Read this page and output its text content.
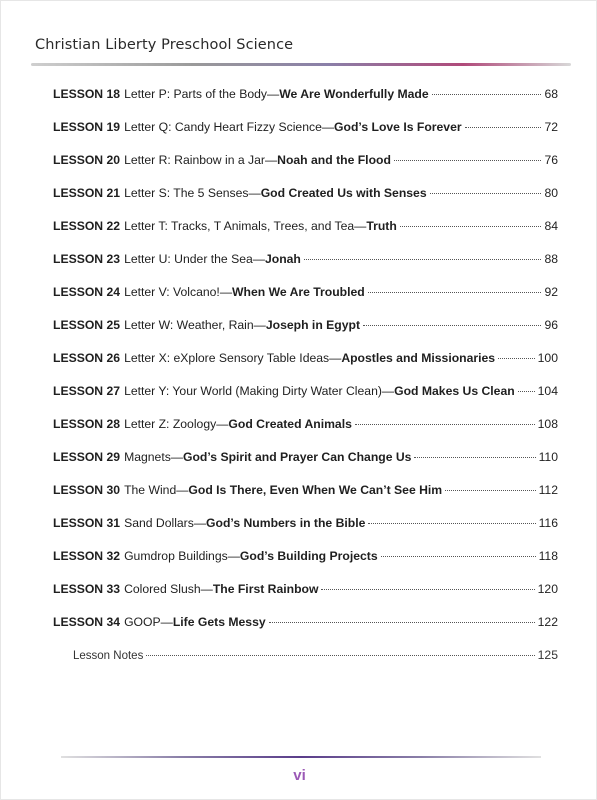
Christian Liberty Preschool Science
LESSON 18 Letter P: Parts of the Body— We Are Wonderfully Made	68
LESSON 19 Letter Q: Candy Heart Fizzy Science— God’s Love Is Forever	72
LESSON 20 Letter R: Rainbow in a Jar— Noah and the Flood	76
LESSON 21 Letter S: The 5 Senses— God Created Us with Senses	80
LESSON 22 Letter T: Tracks, T Animals, Trees, and Tea— Truth	84
LESSON 23 Letter U: Under the Sea— Jonah	88
LESSON 24 Letter V: Volcano!— When We Are Troubled	92
LESSON 25 Letter W: Weather, Rain— Joseph in Egypt	96
LESSON 26 Letter X: eXplore Sensory Table Ideas— Apostles and Missionaries	100
LESSON 27 Letter Y: Your World (Making Dirty Water Clean)— God Makes Us Clean 104
LESSON 28 Letter Z: Zoology— God Created Animals	108
LESSON 29 Magnets— God’s Spirit and Prayer Can Change Us	110
LESSON 30 The Wind— God Is There, Even When We Can’t See Him	112
LESSON 31 Sand Dollars— God’s Numbers in the Bible	116
LESSON 32 Gumdrop Buildings— God’s Building Projects	118
LESSON 33 Colored Slush— The First Rainbow	120
LESSON 34 GOOP— Life Gets Messy	122
Lesson Notes	125
vi
